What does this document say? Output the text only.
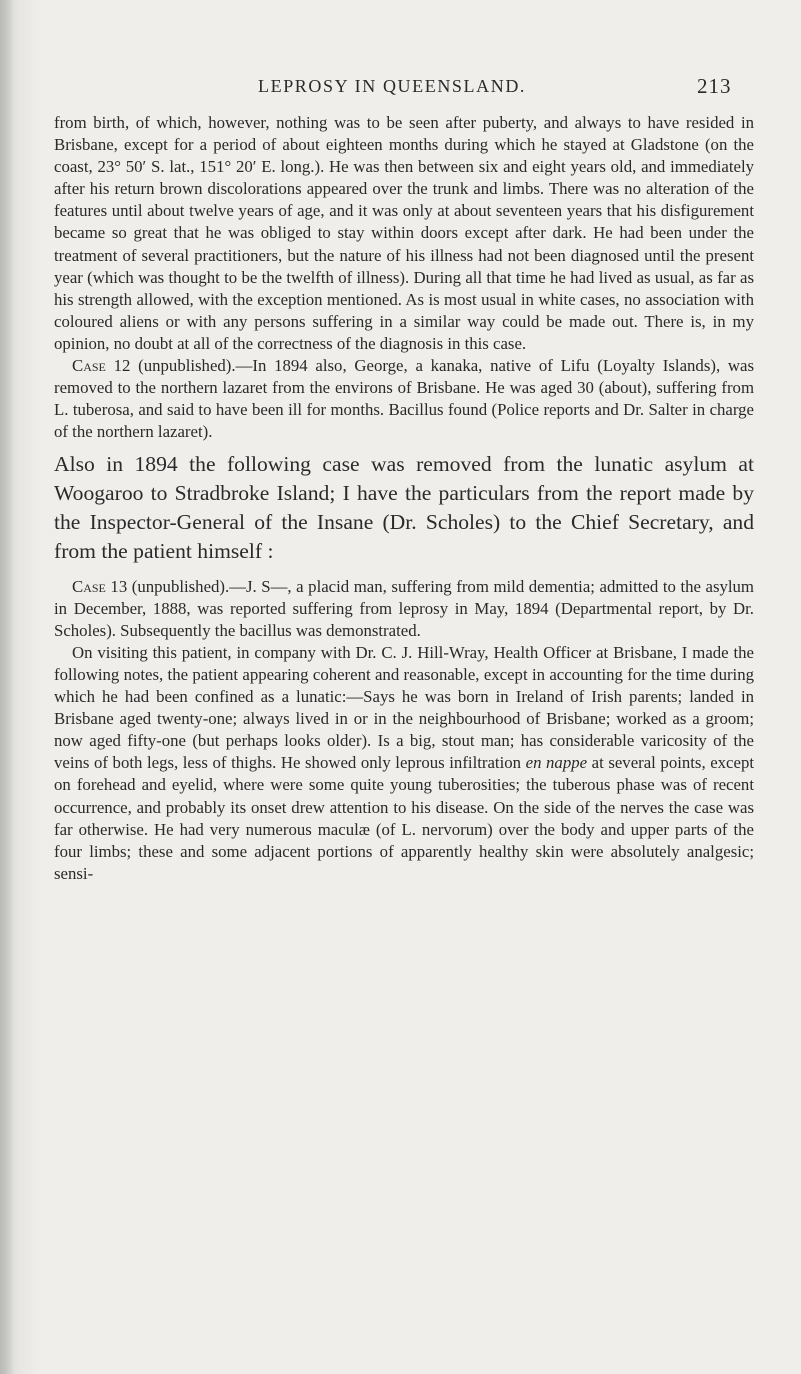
LEPROSY IN QUEENSLAND.	213

from birth, of which, however, nothing was to be seen after puberty, and always to have resided in Brisbane, except for a period of about eighteen months during which he stayed at Gladstone (on the coast, 23° 50′ S. lat., 151° 20′ E. long.). He was then between six and eight years old, and immediately after his return brown discolorations appeared over the trunk and limbs. There was no alteration of the features until about twelve years of age, and it was only at about seventeen years that his disfigurement became so great that he was obliged to stay within doors except after dark. He had been under the treatment of several practitioners, but the nature of his illness had not been diagnosed until the present year (which was thought to be the twelfth of illness). During all that time he had lived as usual, as far as his strength allowed, with the exception mentioned. As is most usual in white cases, no association with coloured aliens or with any persons suffering in a similar way could be made out. There is, in my opinion, no doubt at all of the correctness of the diagnosis in this case.

Case 12 (unpublished).—In 1894 also, George, a kanaka, native of Lifu (Loyalty Islands), was removed to the northern lazaret from the environs of Brisbane. He was aged 30 (about), suffering from L. tuberosa, and said to have been ill for months. Bacillus found (Police reports and Dr. Salter in charge of the northern lazaret).

Also in 1894 the following case was removed from the lunatic asylum at Woogaroo to Stradbroke Island; I have the particulars from the report made by the Inspector-General of the Insane (Dr. Scholes) to the Chief Secretary, and from the patient himself :

Case 13 (unpublished).—J. S—, a placid man, suffering from mild dementia; admitted to the asylum in December, 1888, was reported suffering from leprosy in May, 1894 (Departmental report, by Dr. Scholes). Subsequently the bacillus was demonstrated.

On visiting this patient, in company with Dr. C. J. Hill-Wray, Health Officer at Brisbane, I made the following notes, the patient appearing coherent and reasonable, except in accounting for the time during which he had been confined as a lunatic:—Says he was born in Ireland of Irish parents; landed in Brisbane aged twenty-one; always lived in or in the neighbourhood of Brisbane; worked as a groom; now aged fifty-one (but perhaps looks older). Is a big, stout man; has considerable varicosity of the veins of both legs, less of thighs. He showed only leprous infiltration en nappe at several points, except on forehead and eyelid, where were some quite young tuberosities; the tuberous phase was of recent occurrence, and probably its onset drew attention to his disease. On the side of the nerves the case was far otherwise. He had very numerous maculæ (of L. nervorum) over the body and upper parts of the four limbs; these and some adjacent portions of apparently healthy skin were absolutely analgesic; sensi-
